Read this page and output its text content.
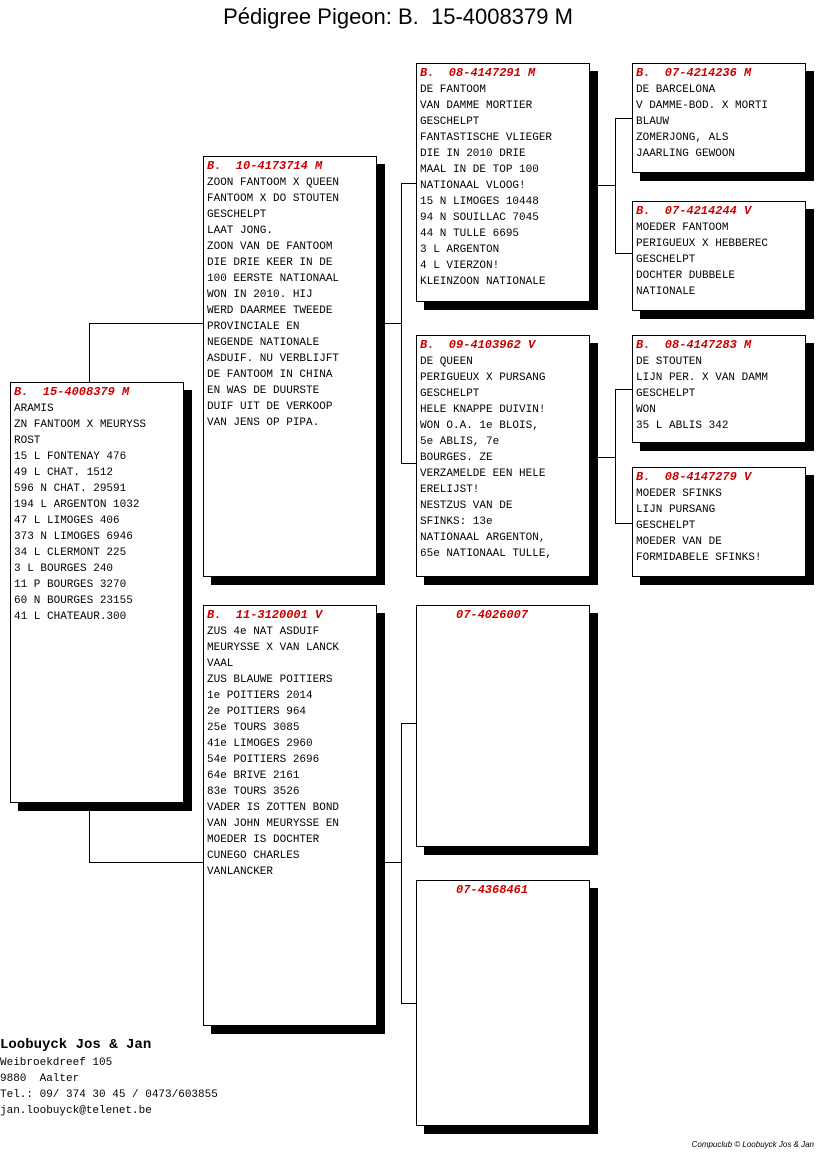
Pédigree Pigeon: B.  15-4008379 M
B.  15-4008379 M
ARAMIS
ZN FANTOOM X MEURYSS
ROST
15 L FONTENAY 476
49 L CHAT. 1512
596 N CHAT. 29591
194 L ARGENTON 1032
47 L LIMOGES 406
373 N LIMOGES 6946
34 L CLERMONT 225
3 L BOURGES 240
11 P BOURGES 3270
60 N BOURGES 23155
41 L CHATEAUR.300
B.  10-4173714 M
ZOON FANTOOM X QUEEN
FANTOOM X DO STOUTEN
GESCHELPT
LAAT JONG.
ZOON VAN DE FANTOOM
DIE DRIE KEER IN DE
100 EERSTE NATIONAAL
WON IN 2010. HIJ
WERD DAARMEE TWEEDE
PROVINCIALE EN
NEGENDE NATIONALE
ASDUIF. NU VERBLIJFT
DE FANTOOM IN CHINA
EN WAS DE DUURSTE
DUIF UIT DE VERKOOP
VAN JENS OP PIPA.
B.  11-3120001 V
ZUS 4e NAT ASDUIF
MEURYSSE X VAN LANCK
VAAL
ZUS BLAUWE POITIERS
1e POITIERS 2014
2e POITIERS 964
25e TOURS 3085
41e LIMOGES 2960
54e POITIERS 2696
64e BRIVE 2161
83e TOURS 3526
VADER IS ZOTTEN BOND
VAN JOHN MEURYSSE EN
MOEDER IS DOCHTER
CUNEGO CHARLES
VANLANCKER
B.  08-4147291 M
DE FANTOOM
VAN DAMME MORTIER
GESCHELPT
FANTASTISCHE VLIEGER
DIE IN 2010 DRIE
MAAL IN DE TOP 100
NATIONAAL VLOOG!
15 N LIMOGES 10448
94 N SOUILLAC 7045
44 N TULLE 6695
3 L ARGENTON
4 L VIERZON!
KLEINZOON NATIONALE
B.  09-4103962 V
DE QUEEN
PERIGUEUX X PURSANG
GESCHELPT
HELE KNAPPE DUIVIN!
WON O.A. 1e BLOIS,
5e ABLIS, 7e
BOURGES. ZE
VERZAMELDE EEN HELE
ERELIJST!
NESTZUS VAN DE
SFINKS: 13e
NATIONAAL ARGENTON,
65e NATIONAAL TULLE,
07-4026007
07-4368461
B.  07-4214236 M
DE BARCELONA
V DAMME-BOD. X MORTI
BLAUW
ZOMERJONG, ALS
JAARLING GEWOON
B.  07-4214244 V
MOEDER FANTOOM
PERIGUEUX X HEBBEREC
GESCHELPT
DOCHTER DUBBELE
NATIONALE
B.  08-4147283 M
DE STOUTEN
LIJN PER. X VAN DAMM
GESCHELPT
WON
35 L ABLIS 342
B.  08-4147279 V
MOEDER SFINKS
LIJN PURSANG
GESCHELPT
MOEDER VAN DE
FORMIDABELE SFINKS!
Loobuyck Jos & Jan
Weibroekdreef 105
9880  Aalter
Tel.: 09/ 374 30 45 / 0473/603855
jan.loobuyck@telenet.be
Compuclub © Loobuyck Jos & Jan
